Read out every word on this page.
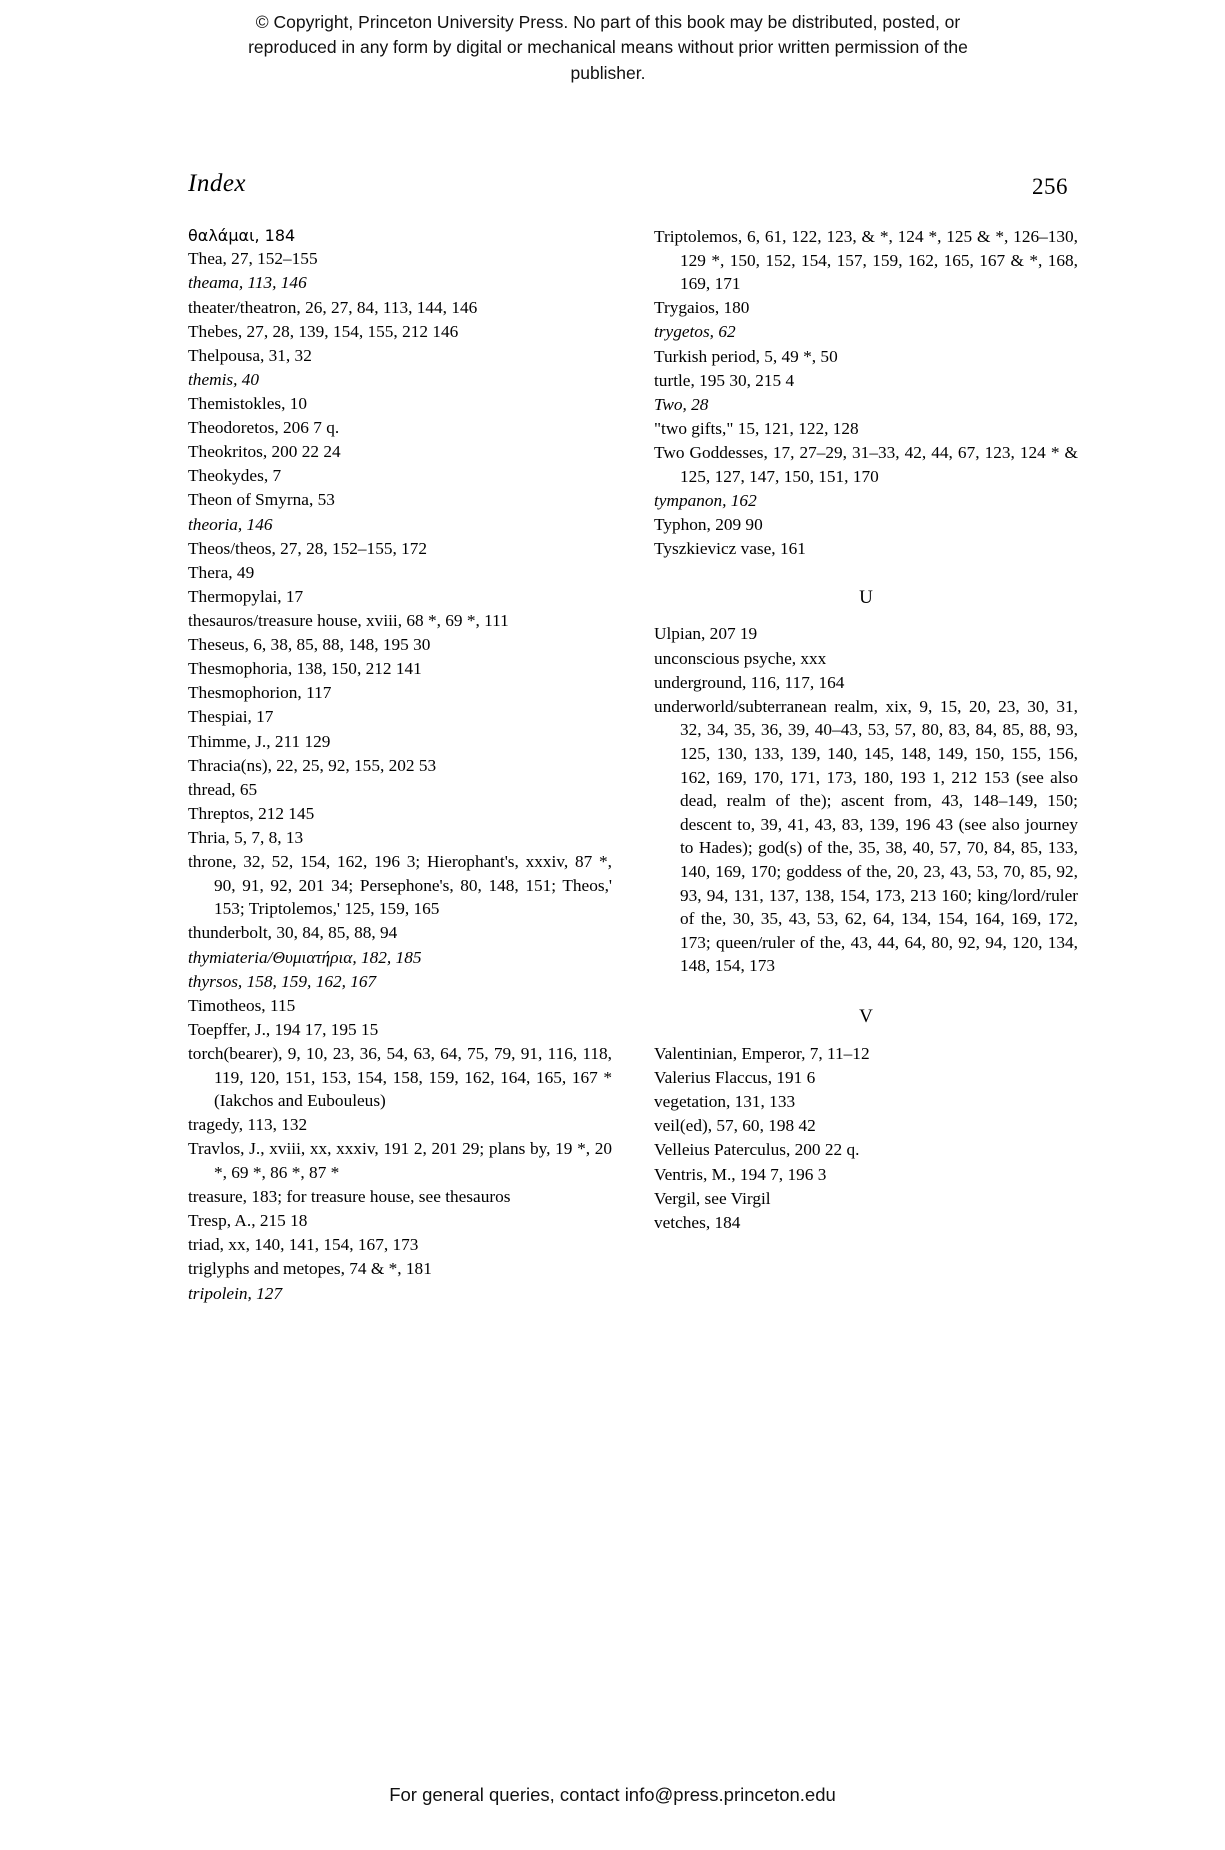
© Copyright, Princeton University Press. No part of this book may be distributed, posted, or reproduced in any form by digital or mechanical means without prior written permission of the publisher.
Index	256

θαλάμαι, 184

Thea, 27, 152–155

theama, 113, 146

theater/theatron, 26, 27, 84, 113, 144, 146

Thebes, 27, 28, 139, 154, 155, 212 146

Thelpousa, 31, 32

themis, 40

Themistokles, 10

Theodoretos, 206 7 q.

Theokritos, 200 22 24

Theokydes, 7

Theon of Smyrna, 53

theoria, 146

Theos/theos, 27, 28, 152–155, 172

Thera, 49

Thermopylai, 17

thesauros/treasure house, xviii, 68 *, 69 *, 111

Theseus, 6, 38, 85, 88, 148, 195 30

Thesmophoria, 138, 150, 212 141

Thesmophorion, 117

Thespiai, 17

Thimme, J., 211 129

Thracia(ns), 22, 25, 92, 155, 202 53

thread, 65

Threptos, 212 145

Thria, 5, 7, 8, 13

throne, 32, 52, 154, 162, 196 3; Hierophant's, xxxiv, 87 *, 90, 91, 92, 201 34; Persephone's, 80, 148, 151; Theos,' 153; Triptolemos,' 125, 159, 165

thunderbolt, 30, 84, 85, 88, 94

thymiateria/Θυμιατήρια, 182, 185

thyrsos, 158, 159, 162, 167

Timotheos, 115

Toepffer, J., 194 17, 195 15

torch(bearer), 9, 10, 23, 36, 54, 63, 64, 75, 79, 91, 116, 118, 119, 120, 151, 153, 154, 158, 159, 162, 164, 165, 167 * (Iakchos and Eubouleus)

tragedy, 113, 132

Travlos, J., xviii, xx, xxxiv, 191 2, 201 29; plans by, 19 *, 20 *, 69 *, 86 *, 87 *

treasure, 183; for treasure house, see thesauros

Tresp, A., 215 18

triad, xx, 140, 141, 154, 167, 173

triglyphs and metopes, 74 & *, 181

tripolein, 127

Triptolemos, 6, 61, 122, 123, & *, 124 *, 125 & *, 126–130, 129 *, 150, 152, 154, 157, 159, 162, 165, 167 & *, 168, 169, 171

Trygaios, 180

trygetos, 62

Turkish period, 5, 49 *, 50

turtle, 195 30, 215 4

Two, 28

"two gifts," 15, 121, 122, 128

Two Goddesses, 17, 27–29, 31–33, 42, 44, 67, 123, 124 * & 125, 127, 147, 150, 151, 170

tympanon, 162

Typhon, 209 90

Tyszkievicz vase, 161

U

Ulpian, 207 19

unconscious psyche, xxx

underground, 116, 117, 164

underworld/subterranean realm, xix, 9, 15, 20, 23, 30, 31, 32, 34, 35, 36, 39, 40–43, 53, 57, 80, 83, 84, 85, 88, 93, 125, 130, 133, 139, 140, 145, 148, 149, 150, 155, 156, 162, 169, 170, 171, 173, 180, 193 1, 212 153 (see also dead, realm of the); ascent from, 43, 148–149, 150; descent to, 39, 41, 43, 83, 139, 196 43 (see also journey to Hades); god(s) of the, 35, 38, 40, 57, 70, 84, 85, 133, 140, 169, 170; goddess of the, 20, 23, 43, 53, 70, 85, 92, 93, 94, 131, 137, 138, 154, 173, 213 160; king/lord/ruler of the, 30, 35, 43, 53, 62, 64, 134, 154, 164, 169, 172, 173; queen/ruler of the, 43, 44, 64, 80, 92, 94, 120, 134, 148, 154, 173

V

Valentinian, Emperor, 7, 11–12

Valerius Flaccus, 191 6

vegetation, 131, 133

veil(ed), 57, 60, 198 42

Velleius Paterculus, 200 22 q.

Ventris, M., 194 7, 196 3

Vergil, see Virgil

vetches, 184

For general queries, contact info@press.princeton.edu
